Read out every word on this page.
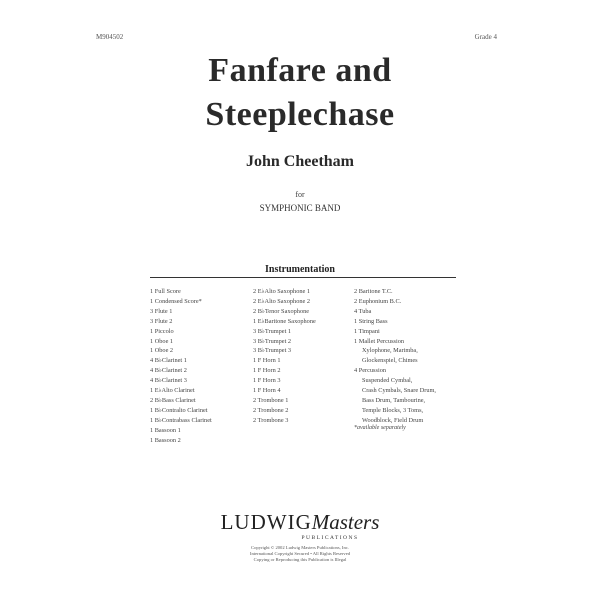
M904502	Grade 4
Fanfare and
Steeplechase
John Cheetham
for
SYMPHONIC BAND
Instrumentation
1 Full Score
1 Condensed Score*
3 Flute 1
3 Flute 2
1 Piccolo
1 Oboe 1
1 Oboe 2
4 B♭Clarinet 1
4 B♭Clarinet 2
4 B♭Clarinet 3
1 E♭Alto Clarinet
2 B♭Bass Clarinet
1 B♭Contralto Clarinet
1 B♭Contrabass Clarinet
1 Bassoon 1
1 Bassoon 2
2 E♭Alto Saxophone 1
2 E♭Alto Saxophone 2
2 B♭Tenor Saxophone
1 E♭Baritone Saxophone
3 B♭Trumpet 1
3 B♭Trumpet 2
3 B♭Trumpet 3
1 F Horn 1
1 F Horn 2
1 F Horn 3
1 F Horn 4
2 Trombone 1
2 Trombone 2
2 Trombone 3
2 Baritone T.C.
2 Euphonium B.C.
4 Tuba
1 String Bass
1 Timpani
1 Mallet Percussion
Xylophone, Marimba,
Glockenspiel, Chimes
4 Percussion
Suspended Cymbal,
Crash Cymbals, Snare Drum,
Bass Drum, Tambourine,
Temple Blocks, 3 Toms,
Woodblock, Field Drum
*available separately
LUDWIGMasters
PUBLICATIONS
Copyright © 2002 Ludwig Masters Publications, Inc.
International Copyright Secured • All Rights Reserved
Copying or Reproducing this Publication is Illegal
